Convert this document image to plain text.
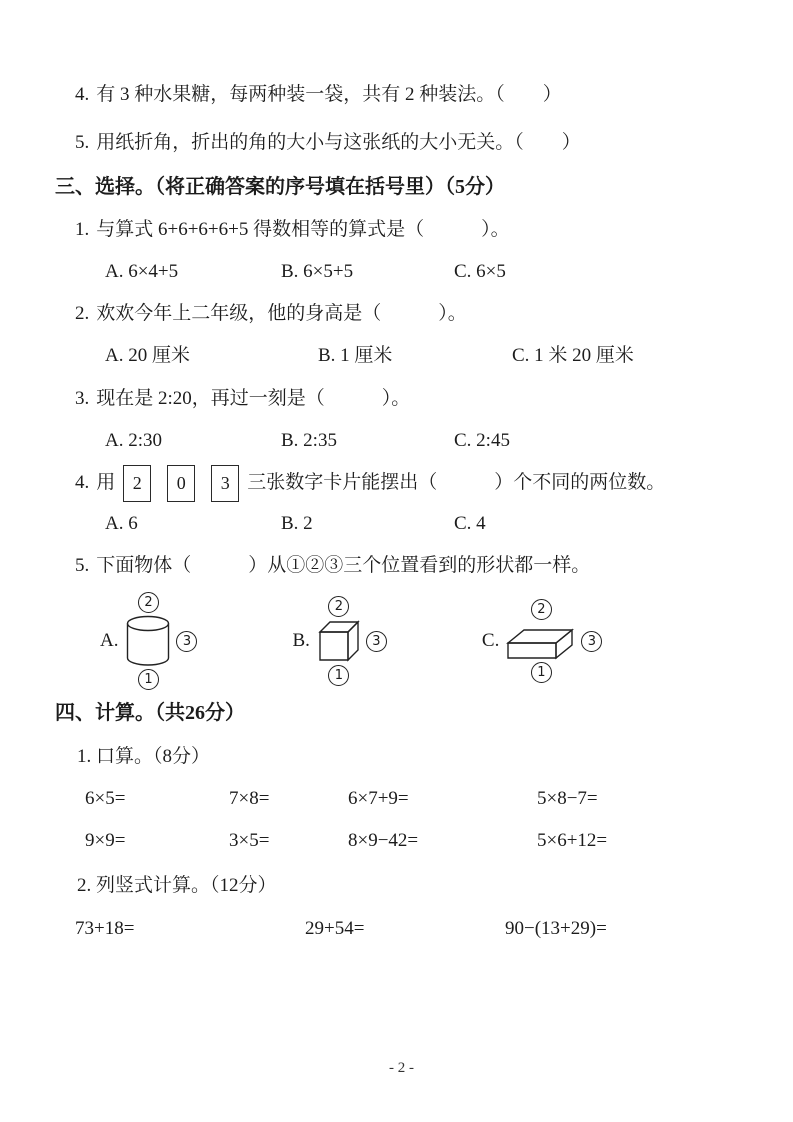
4. 有 3 种水果糖，每两种装一袋，共有 2 种装法。（　　）
5. 用纸折角，折出的角的大小与这张纸的大小无关。（　　）
三、选择。（将正确答案的序号填在括号里）（5分）
1. 与算式 6+6+6+6+5 得数相等的算式是（　　　）。
A. 6×4+5	B. 6×5+5	C. 6×5
2. 欢欢今年上二年级，他的身高是（　　　）。
A. 20 厘米	B. 1 厘米	C. 1 米 20 厘米
3. 现在是 2:20，再过一刻是（　　　）。
A. 2:30	B. 2:35	C. 2:45
4. 用 2	0	3 三张数字卡片能摆出（　　　）个不同的两位数。
A. 6	B. 2	C. 4
5. 下面物体（　　　）从①②③三个位置看到的形状都一样。
A.
2
1
3	B.
2
1
3	C.
2
1
3
四、计算。（共26分）
1. 口算。（8分）
6×5=	7×8=	6×7+9=	5×8−7=
9×9=	3×5=	8×9−42=	5×6+12=
2. 列竖式计算。（12分）
73+18=	29+54=	90−(13+29)=
- 2 -
